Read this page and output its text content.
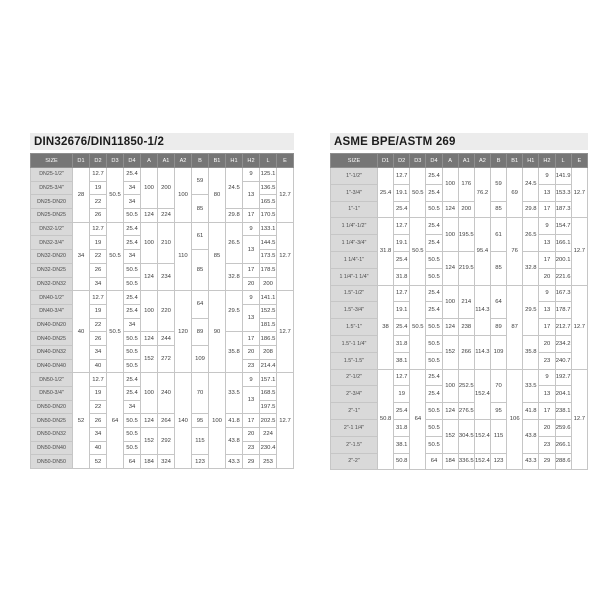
DIN32676/DIN11850-1/2
SIZE	D1	D2	D3	D4	A	A1	A2	B	B1	H1	H2	L	E
DN25-1/2"	28	12.7	50.5	25.4	100	200	100	59	80	24.5	9	125.1	12.7
DN25-3/4"		19		34							13	136.5	
DN25-DN20		22		34				85				165.5	
DN25-DN25		26		50.5	124	224				29.8	17	170.5	
DN32-1/2"	34	12.7	50.5	25.4	100	210	110	61	85	26.5	9	133.1	12.7
DN32-3/4"		19		25.4							13	144.5	
DN32-DN20		22		34				85				173.5	
DN32-DN25		26		50.5	124	234				32.8	17	178.5	
DN32-DN32		34		50.5							20	200	
DN40-1/2"	40	12.7	50.5	25.4	100	220	120	64	90	29.5	9	141.1	12.7
DN40-3/4"		19		25.4							13	152.5	
DN40-DN20		22		34				89				181.5	
DN40-DN25		26		50.5	124	244				35.8	17	186.5	
DN40-DN32		34		50.5	152	272		109			20	208	
DN40-DN40		40		50.5							23	214.4	
DN50-1/2"	52	12.7	64	25.4	100	240	140	70	100	33.5	9	157.1	12.7
DN50-3/4"		19		25.4							13	168.5	
DN50-DN20		22		34								197.5	
DN50-DN25		26		50.5	124	264		95		41.8	17	202.5	
DN50-DN32		34		50.5	152	292		115		43.8	20	224	
DN50-DN40		40		50.5							23	230.4	
DN50-DN50		52		64	184	324		123		43.3	29	253	
ASME BPE/ASTM 269
SIZE	D1	D2	D3	D4	A	A1	A2	B	B1	H1	H2	L	E
1"-1/2"	25.4	12.7	50.5	25.4	100	176	76.2	59	69	24.5	9	141.9	12.7
1"-3/4"		19.1		25.4							13	153.3	
1"-1"		25.4		50.5	124	200		85		29.8	17	187.3	
1 1/4"-1/2"	31.8	12.7	50.5	25.4	100	195.5	95.4	61	76	26.5	9	154.7	12.7
1 1/4"-3/4"		19.1		25.4							13	166.1	
1 1/4"-1"		25.4		50.5	124	219.5		85		32.8	17	200.1	
1 1/4"-1 1/4"		31.8		50.5							20	221.6	
1.5"-1/2"	38	12.7	50.5	25.4	100	214	114.3	64	87	29.5	9	167.3	12.7
1.5"-3/4"		19.1		25.4							13	178.7	
1.5"-1"		25.4		50.5	124	238		89			17	212.7	
1.5"-1 1/4"		31.8		50.5	152	266	114.3	109		35.8	20	234.2	
1.5"-1.5"		38.1		50.5							23	240.7	
2"-1/2"	50.8	12.7	64	25.4	100	252.5	152.4	70	106	33.5	9	192.7	12.7
2"-3/4"		19		25.4							13	204.1	
2"-1"		25.4		50.5	124	276.5		95		41.8	17	238.1	
2"-1 1/4"		31.8		50.5	152	304.5	152.4	115		43.8	20	259.6	
2"-1.5"		38.1		50.5							23	266.1	
2"-2"		50.8		64	184	336.5	152.4	123		43.3	29	288.6	
